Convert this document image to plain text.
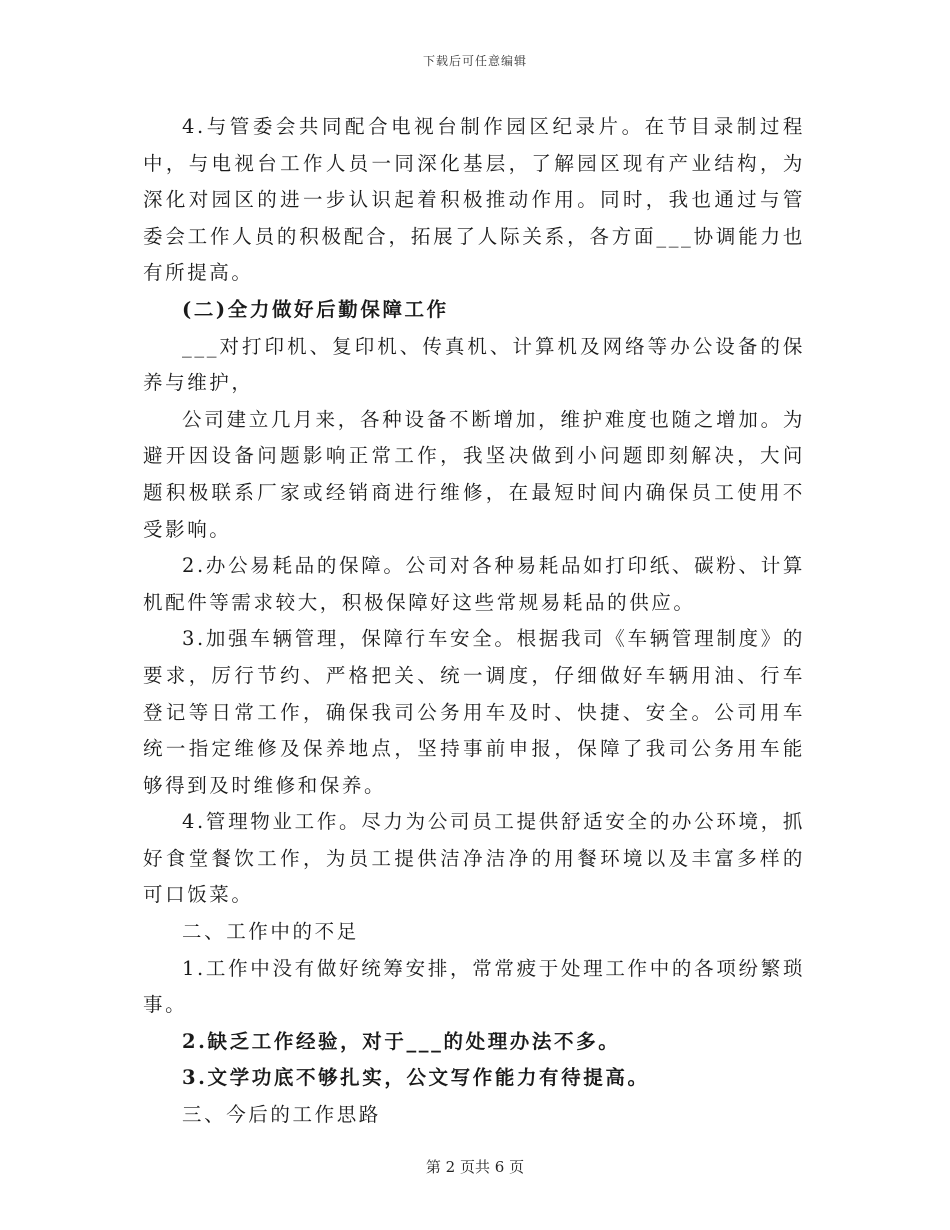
下载后可任意编辑

4.与管委会共同配合电视台制作园区纪录片。在节目录制过程中，与电视台工作人员一同深化基层，了解园区现有产业结构，为深化对园区的进一步认识起着积极推动作用。同时，我也通过与管委会工作人员的积极配合，拓展了人际关系，各方面___协调能力也有所提高。

(二)全力做好后勤保障工作

___对打印机、复印机、传真机、计算机及网络等办公设备的保养与维护，

公司建立几月来，各种设备不断增加，维护难度也随之增加。为避开因设备问题影响正常工作，我坚决做到小问题即刻解决，大问题积极联系厂家或经销商进行维修，在最短时间内确保员工使用不受影响。

2.办公易耗品的保障。公司对各种易耗品如打印纸、碳粉、计算机配件等需求较大，积极保障好这些常规易耗品的供应。

3.加强车辆管理，保障行车安全。根据我司《车辆管理制度》的要求，厉行节约、严格把关、统一调度，仔细做好车辆用油、行车登记等日常工作，确保我司公务用车及时、快捷、安全。公司用车统一指定维修及保养地点，坚持事前申报，保障了我司公务用车能够得到及时维修和保养。

4.管理物业工作。尽力为公司员工提供舒适安全的办公环境，抓好食堂餐饮工作，为员工提供洁净洁净的用餐环境以及丰富多样的可口饭菜。

二、工作中的不足

1.工作中没有做好统筹安排，常常疲于处理工作中的各项纷繁琐事。

2.缺乏工作经验，对于___的处理办法不多。

3.文学功底不够扎实，公文写作能力有待提高。

三、今后的工作思路

第 2 页共 6 页
